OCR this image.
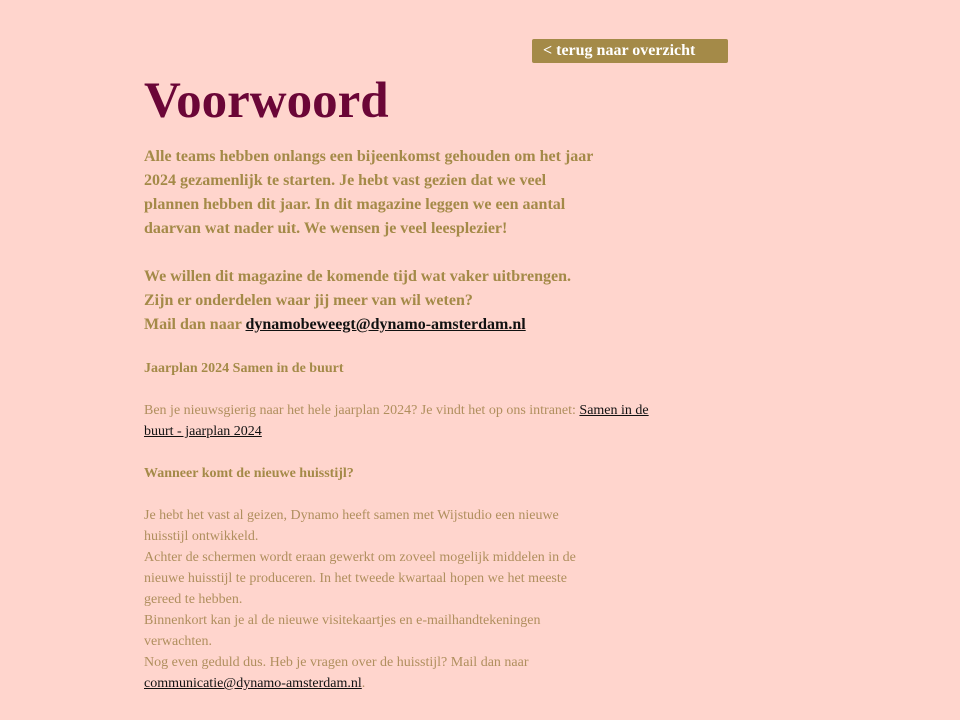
< terug naar overzicht
Voorwoord

Alle teams hebben onlangs een bijeenkomst gehouden om het jaar 2024 gezamenlijk te starten. Je hebt vast gezien dat we veel plannen hebben dit jaar. In dit magazine leggen we een aantal daarvan wat nader uit. We wensen je veel leesplezier!

We willen dit magazine de komende tijd wat vaker uitbrengen.
Zijn er onderdelen waar jij meer van wil weten?
Mail dan naar dynamobeweegt@dynamo-amsterdam.nl

Jaarplan 2024 Samen in de buurt

Ben je nieuwsgierig naar het hele jaarplan 2024? Je vindt het op ons intranet: Samen in de buurt - jaarplan 2024

Wanneer komt de nieuwe huisstijl?

Je hebt het vast al geizen, Dynamo heeft samen met Wijstudio een nieuwe huisstijl ontwikkeld.
Achter de schermen wordt eraan gewerkt om zoveel mogelijk middelen in de nieuwe huisstijl te produceren. In het tweede kwartaal hopen we het meeste gereed te hebben.
Binnenkort kan je al de nieuwe visitekaartjes en e-mailhandtekeningen verwachten.
Nog even geduld dus. Heb je vragen over de huisstijl? Mail dan naar communicatie@dynamo-amsterdam.nl.
